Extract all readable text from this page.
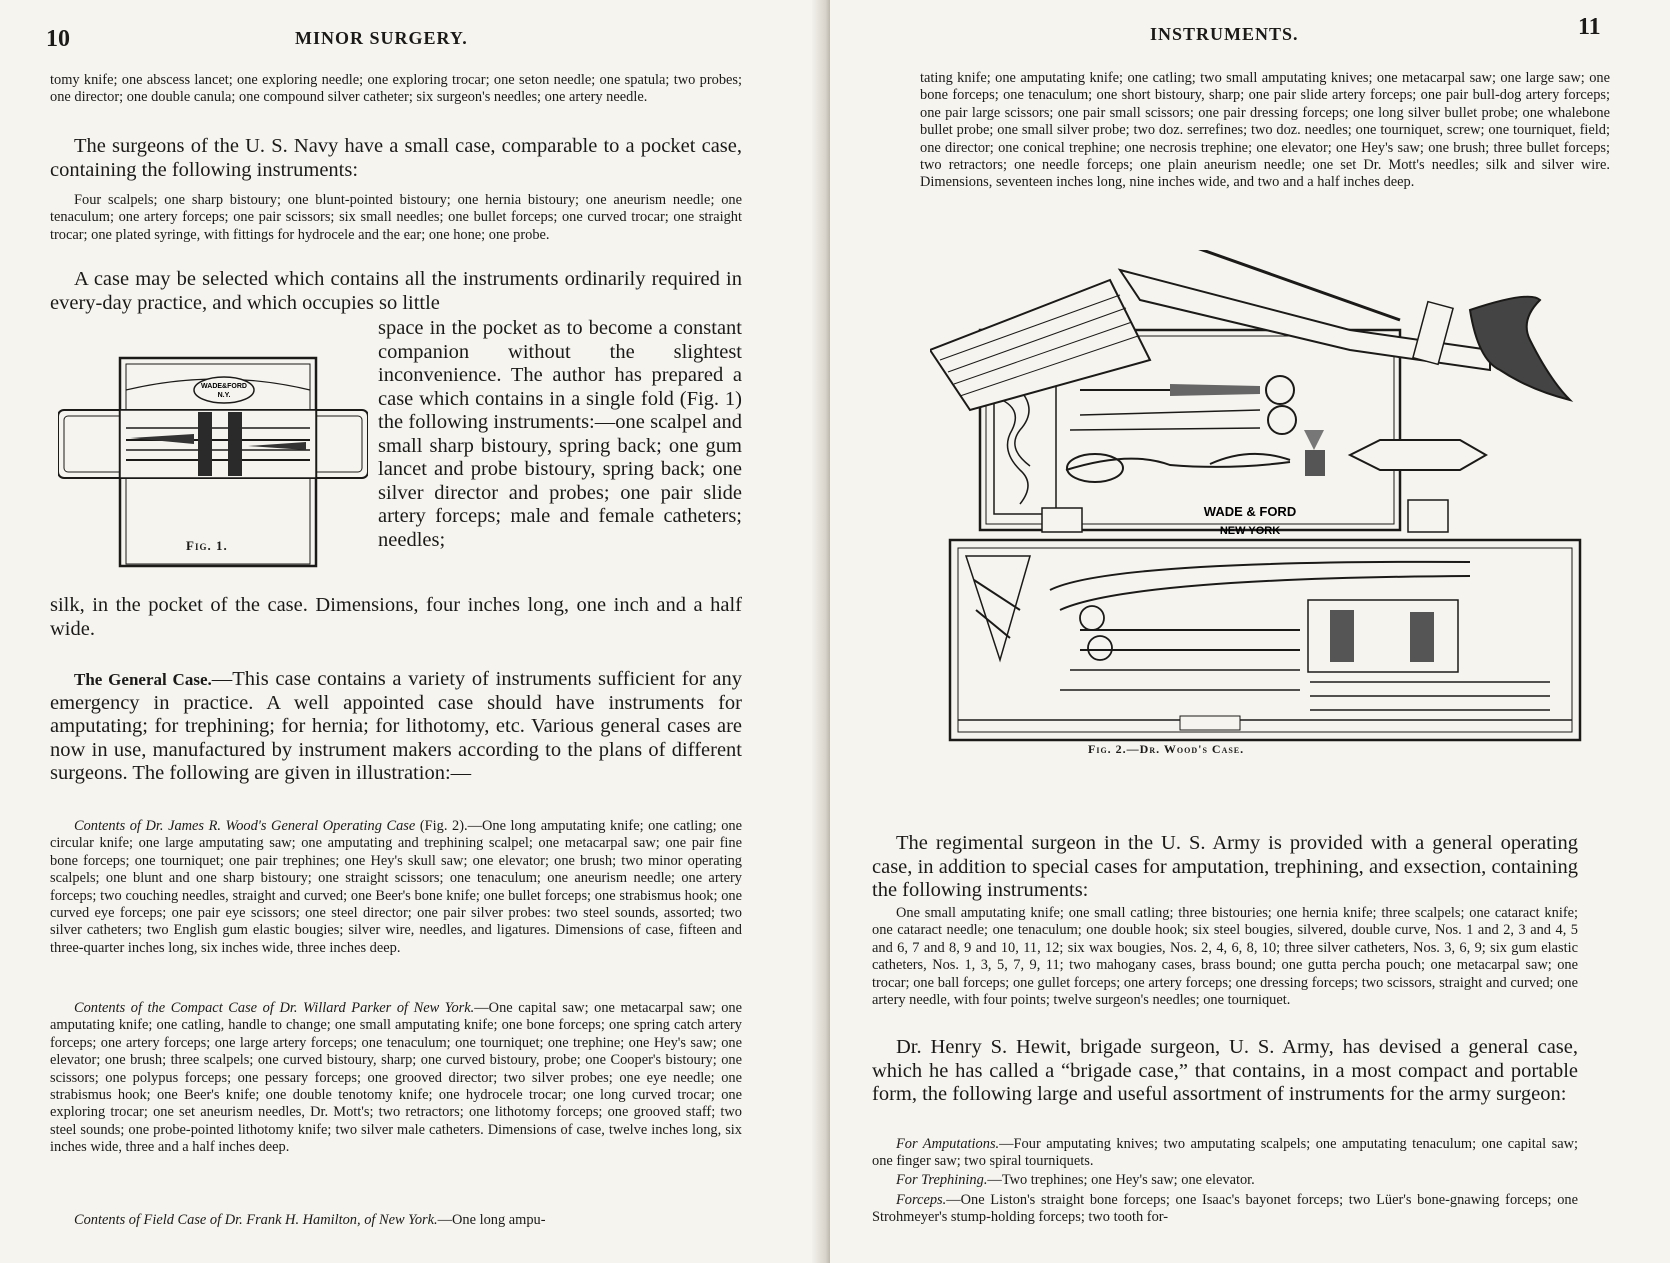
10	MINOR SURGERY.

tomy knife; one abscess lancet; one exploring needle; one exploring trocar; one seton needle; one spatula; two probes; one director; one double canula; one compound silver catheter; six surgeon's needles; one artery needle.

The surgeons of the U. S. Navy have a small case, comparable to a pocket case, containing the following instruments:

Four scalpels; one sharp bistoury; one blunt-pointed bistoury; one hernia bistoury; one aneurism needle; one tenaculum; one artery forceps; one pair scissors; six small needles; one bullet forceps; one curved trocar; one straight trocar; one plated syringe, with fittings for hydrocele and the ear; one hone; one probe.

A case may be selected which contains all the instruments ordinarily required in every-day practice, and which occupies so little

WADE&FORD
N.Y.
Fig. 1.

space in the pocket as to become a constant companion without the slightest inconvenience. The author has prepared a case which contains in a single fold (Fig. 1) the following instruments:—one scalpel and small sharp bistoury, spring back; one gum lancet and probe bistoury, spring back; one silver director and probes; one pair slide artery forceps; male and female catheters; needles;

silk, in the pocket of the case. Dimensions, four inches long, one inch and a half wide.

The General Case.—This case contains a variety of instruments sufficient for any emergency in practice. A well appointed case should have instruments for amputating; for trephining; for hernia; for lithotomy, etc. Various general cases are now in use, manufactured by instrument makers according to the plans of different surgeons. The following are given in illustration:—

Contents of Dr. James R. Wood's General Operating Case (Fig. 2).—One long amputating knife; one catling; one circular knife; one large amputating saw; one amputating and trephining scalpel; one metacarpal saw; one pair fine bone forceps; one tourniquet; one pair trephines; one Hey's skull saw; one elevator; one brush; two minor operating scalpels; one blunt and one sharp bistoury; one straight scissors; one tenaculum; one aneurism needle; one artery forceps; two couching needles, straight and curved; one Beer's bone knife; one bullet forceps; one strabismus hook; one curved eye forceps; one pair eye scissors; one steel director; one pair silver probes: two steel sounds, assorted; two silver catheters; two English gum elastic bougies; silver wire, needles, and ligatures. Dimensions of case, fifteen and three-quarter inches long, six inches wide, three inches deep.

Contents of the Compact Case of Dr. Willard Parker of New York.—One capital saw; one metacarpal saw; one amputating knife; one catling, handle to change; one small amputating knife; one bone forceps; one spring catch artery forceps; one artery forceps; one large artery forceps; one tenaculum; one tourniquet; one trephine; one Hey's saw; one elevator; one brush; three scalpels; one curved bistoury, sharp; one curved bistoury, probe; one Cooper's bistoury; one scissors; one polypus forceps; one pessary forceps; one grooved director; two silver probes; one eye needle; one strabismus hook; one Beer's knife; one double tenotomy knife; one hydrocele trocar; one long curved trocar; one exploring trocar; one set aneurism needles, Dr. Mott's; two retractors; one lithotomy forceps; one grooved staff; two steel sounds; one probe-pointed lithotomy knife; two silver male catheters. Dimensions of case, twelve inches long, six inches wide, three and a half inches deep.

Contents of Field Case of Dr. Frank H. Hamilton, of New York.—One long ampu-

INSTRUMENTS.	11

tating knife; one amputating knife; one catling; two small amputating knives; one metacarpal saw; one large saw; one bone forceps; one tenaculum; one short bistoury, sharp; one pair slide artery forceps; one pair bull-dog artery forceps; one pair large scissors; one pair small scissors; one pair dressing forceps; one long silver bullet probe; one whalebone bullet probe; one small silver probe; two doz. serrefines; two doz. needles; one tourniquet, screw; one tourniquet, field; one director; one conical trephine; one necrosis trephine; one elevator; one Hey's saw; one brush; three bullet forceps; two retractors; one needle forceps; one plain aneurism needle; one set Dr. Mott's needles; silk and silver wire. Dimensions, seventeen inches long, nine inches wide, and two and a half inches deep.

WADE & FORD
NEW YORK
Fig. 2.—Dr. Wood's Case.

The regimental surgeon in the U. S. Army is provided with a general operating case, in addition to special cases for amputation, trephining, and exsection, containing the following instruments:

One small amputating knife; one small catling; three bistouries; one hernia knife; three scalpels; one cataract knife; one cataract needle; one tenaculum; one double hook; six steel bougies, silvered, double curve, Nos. 1 and 2, 3 and 4, 5 and 6, 7 and 8, 9 and 10, 11, 12; six wax bougies, Nos. 2, 4, 6, 8, 10; three silver catheters, Nos. 3, 6, 9; six gum elastic catheters, Nos. 1, 3, 5, 7, 9, 11; two mahogany cases, brass bound; one gutta percha pouch; one metacarpal saw; one trocar; one ball forceps; one gullet forceps; one artery forceps; one dressing forceps; two scissors, straight and curved; one artery needle, with four points; twelve surgeon's needles; one tourniquet.

Dr. Henry S. Hewit, brigade surgeon, U. S. Army, has devised a general case, which he has called a “brigade case,” that contains, in a most compact and portable form, the following large and useful assortment of instruments for the army surgeon:

For Amputations.—Four amputating knives; two amputating scalpels; one amputating tenaculum; one capital saw; one finger saw; two spiral tourniquets.

For Trephining.—Two trephines; one Hey's saw; one elevator.

Forceps.—One Liston's straight bone forceps; one Isaac's bayonet forceps; two Lüer's bone-gnawing forceps; one Strohmeyer's stump-holding forceps; two tooth for-
